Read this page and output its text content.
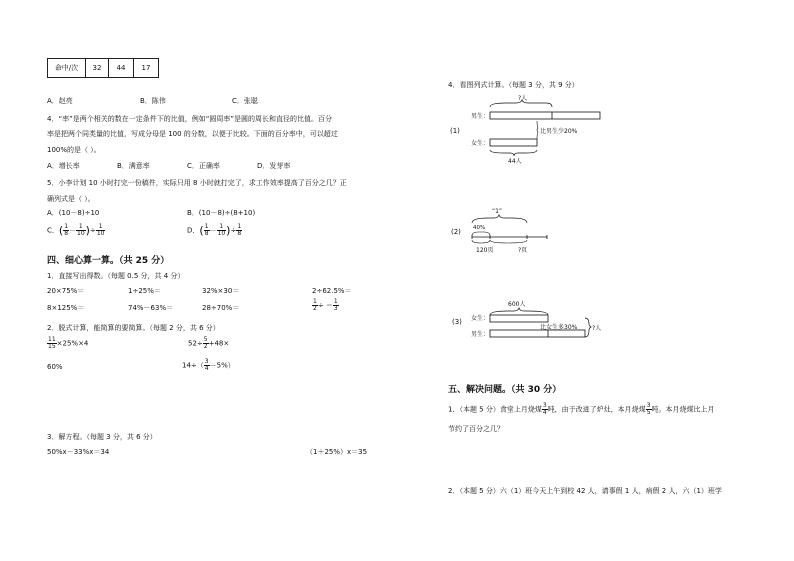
命中/次	32	44	17
A．赵亮	B．陈伟	C．张聪
4．“率”是两个相关的数在一定条件下的比值，例如“圆周率”是圆的周长和直径的比值。百分
率是把两个同类量的比值，写成分母是 100 的分数，以便于比较。下面的百分率中，可以超过
100%的是（ ）。
A．增长率	B．满意率	C．正确率	D．发芽率
5．小李计划 10 小时打完一份稿件，实际只用 8 小时就打完了，求工作效率提高了百分之几？正
确列式是（ ）。
A．(10－8)÷10	B．(10－8)÷(8+10)
C．( $\frac{1}{8} - \frac{1}{10}$ )÷ $\frac{1}{10}$	D．( $\frac{1}{8} - \frac{1}{10}$ )÷ $\frac{1}{8}$
四、细心算一算。（共 25 分）
1．直接写出得数。（每题 0.5 分，共 4 分）
20×75%＝	1÷25%＝	32%×30＝	2÷62.5%＝
8×125%＝	74%－63%＝	28÷70%＝	$\frac{1}{2}$ ÷ ＝ $\frac{1}{3}$
2．脱式计算，能简算的要简算。（每题 2 分，共 6 分）
$\frac{11}{15} \times 25\%\times 4$	$52\div \frac{5}{2} +48\times$
60%	$14\div( \frac{3}{4} -5\%)$
3．解方程。（每题 3 分，共 6 分）
50%x－33%x＝34	（1＋25%）x＝35
4．看图列式计算。（每题 3 分，共 9 分）
(1)
?人
男生：
比男生少20%
女生：
44人
(2)
“1”
40%
120页	?页
(3)
600人
女生：
男生：
比女生多30% ?人
五、解决问题。（共 30 分）
1．（本题 5 分）食堂上月烧煤 $\frac{3}{4}$ 吨，由于改进了炉灶，本月烧煤 $\frac{3}{5}$ 吨。本月烧煤比上月
节约了百分之几？
2．（本题 5 分）六（1）班今天上午到校 42 人，请事假 1 人，病假 2 人，六（1）班学
